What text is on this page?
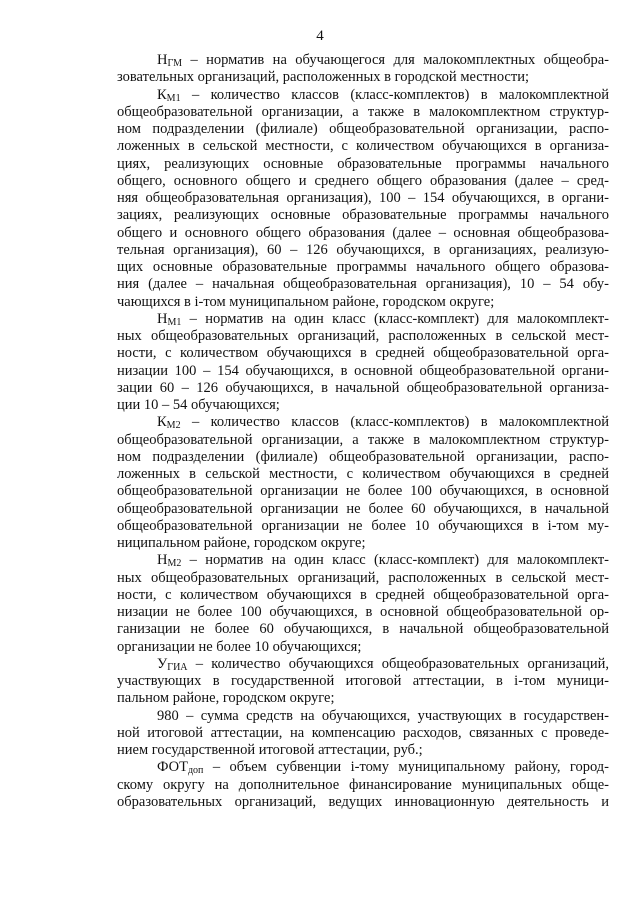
4
$Н_{ГМ}$ – норматив на обучающегося для малокомплектных общеобра-
зовательных организаций, расположенных в городской местности;
$К_{М1}$ – количество классов (класс-комплектов) в малокомплектной
общеобразовательной организации, а также в малокомплектном структур-
ном подразделении (филиале) общеобразовательной организации, распо-
ложенных в сельской местности, с количеством обучающихся в организа-
циях, реализующих основные образовательные программы начального
общего, основного общего и среднего общего образования (далее – сред-
няя общеобразовательная организация), 100 – 154 обучающихся, в органи-
зациях, реализующих основные образовательные программы начального
общего и основного общего образования (далее – основная общеобразова-
тельная организация), 60 – 126 обучающихся, в организациях, реализую-
щих основные образовательные программы начального общего образова-
ния (далее – начальная общеобразовательная организация), 10 – 54 обу-
чающихся в i-том муниципальном районе, городском округе;
$Н_{М1}$ – норматив на один класс (класс-комплект) для малокомплект-
ных общеобразовательных организаций, расположенных в сельской мест-
ности, с количеством обучающихся в средней общеобразовательной орга-
низации 100 – 154 обучающихся, в основной общеобразовательной органи-
зации 60 – 126 обучающихся, в начальной общеобразовательной организа-
ции 10 – 54 обучающихся;
$К_{М2}$ – количество классов (класс-комплектов) в малокомплектной
общеобразовательной организации, а также в малокомплектном структур-
ном подразделении (филиале) общеобразовательной организации, распо-
ложенных в сельской местности, с количеством обучающихся в средней
общеобразовательной организации не более 100 обучающихся, в основной
общеобразовательной организации не более 60 обучающихся, в начальной
общеобразовательной организации не более 10 обучающихся в i-том му-
ниципальном районе, городском округе;
$Н_{М2}$ – норматив на один класс (класс-комплект) для малокомплект-
ных общеобразовательных организаций, расположенных в сельской мест-
ности, с количеством обучающихся в средней общеобразовательной орга-
низации не более 100 обучающихся, в основной общеобразовательной ор-
ганизации не более 60 обучающихся, в начальной общеобразовательной
организации не более 10 обучающихся;
$У_{ГИА}$ – количество обучающихся общеобразовательных организаций,
участвующих в государственной итоговой аттестации, в i-том муници-
пальном районе, городском округе;
980 – сумма средств на обучающихся, участвующих в государствен-
ной итоговой аттестации, на компенсацию расходов, связанных с проведе-
нием государственной итоговой аттестации, руб.;
$ФОТ_{доп}$ – объем субвенции i-тому муниципальному району, город-
скому округу на дополнительное финансирование муниципальных обще-
образовательных организаций, ведущих инновационную деятельность и
